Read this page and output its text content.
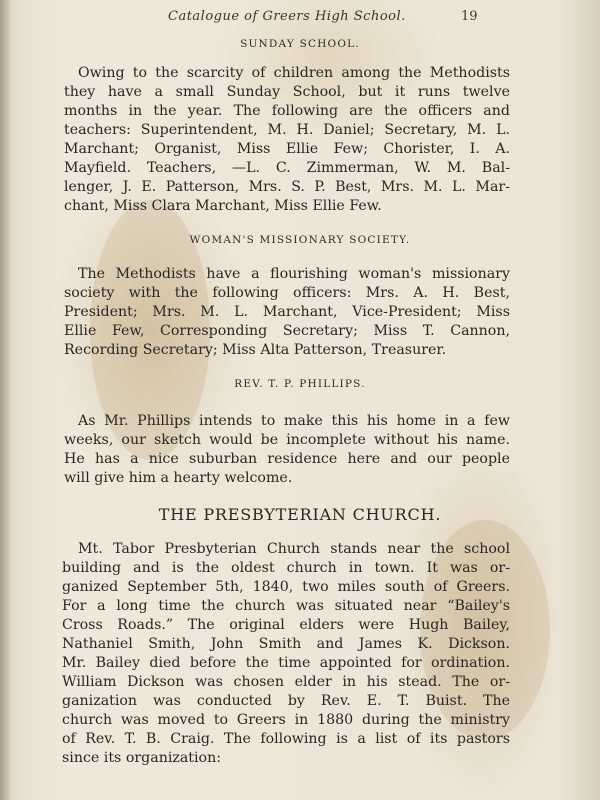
Catalogue of Greers High School.	19
SUNDAY SCHOOL.
Owing to the scarcity of children among the Methodists
they have a small Sunday School, but it runs twelve
months in the year. The following are the officers and
teachers: Superintendent, M. H. Daniel; Secretary, M. L.
Marchant; Organist, Miss Ellie Few; Chorister, I. A.
Mayfield. Teachers, —L. C. Zimmerman, W. M. Bal-
lenger, J. E. Patterson, Mrs. S. P. Best, Mrs. M. L. Mar-
chant, Miss Clara Marchant, Miss Ellie Few.
WOMAN'S MISSIONARY SOCIETY.
The Methodists have a flourishing woman's missionary
society with the following officers: Mrs. A. H. Best,
President; Mrs. M. L. Marchant, Vice-President; Miss
Ellie Few, Corresponding Secretary; Miss T. Cannon,
Recording Secretary; Miss Alta Patterson, Treasurer.
REV. T. P. PHILLIPS.
As Mr. Phillips intends to make this his home in a few
weeks, our sketch would be incomplete without his name.
He has a nice suburban residence here and our people
will give him a hearty welcome.
THE PRESBYTERIAN CHURCH.
Mt. Tabor Presbyterian Church stands near the school
building and is the oldest church in town. It was or-
ganized September 5th, 1840, two miles south of Greers.
For a long time the church was situated near “Bailey's
Cross Roads.” The original elders were Hugh Bailey,
Nathaniel Smith, John Smith and James K. Dickson.
Mr. Bailey died before the time appointed for ordination.
William Dickson was chosen elder in his stead. The or-
ganization was conducted by Rev. E. T. Buist. The
church was moved to Greers in 1880 during the ministry
of Rev. T. B. Craig. The following is a list of its pastors
since its organization:
